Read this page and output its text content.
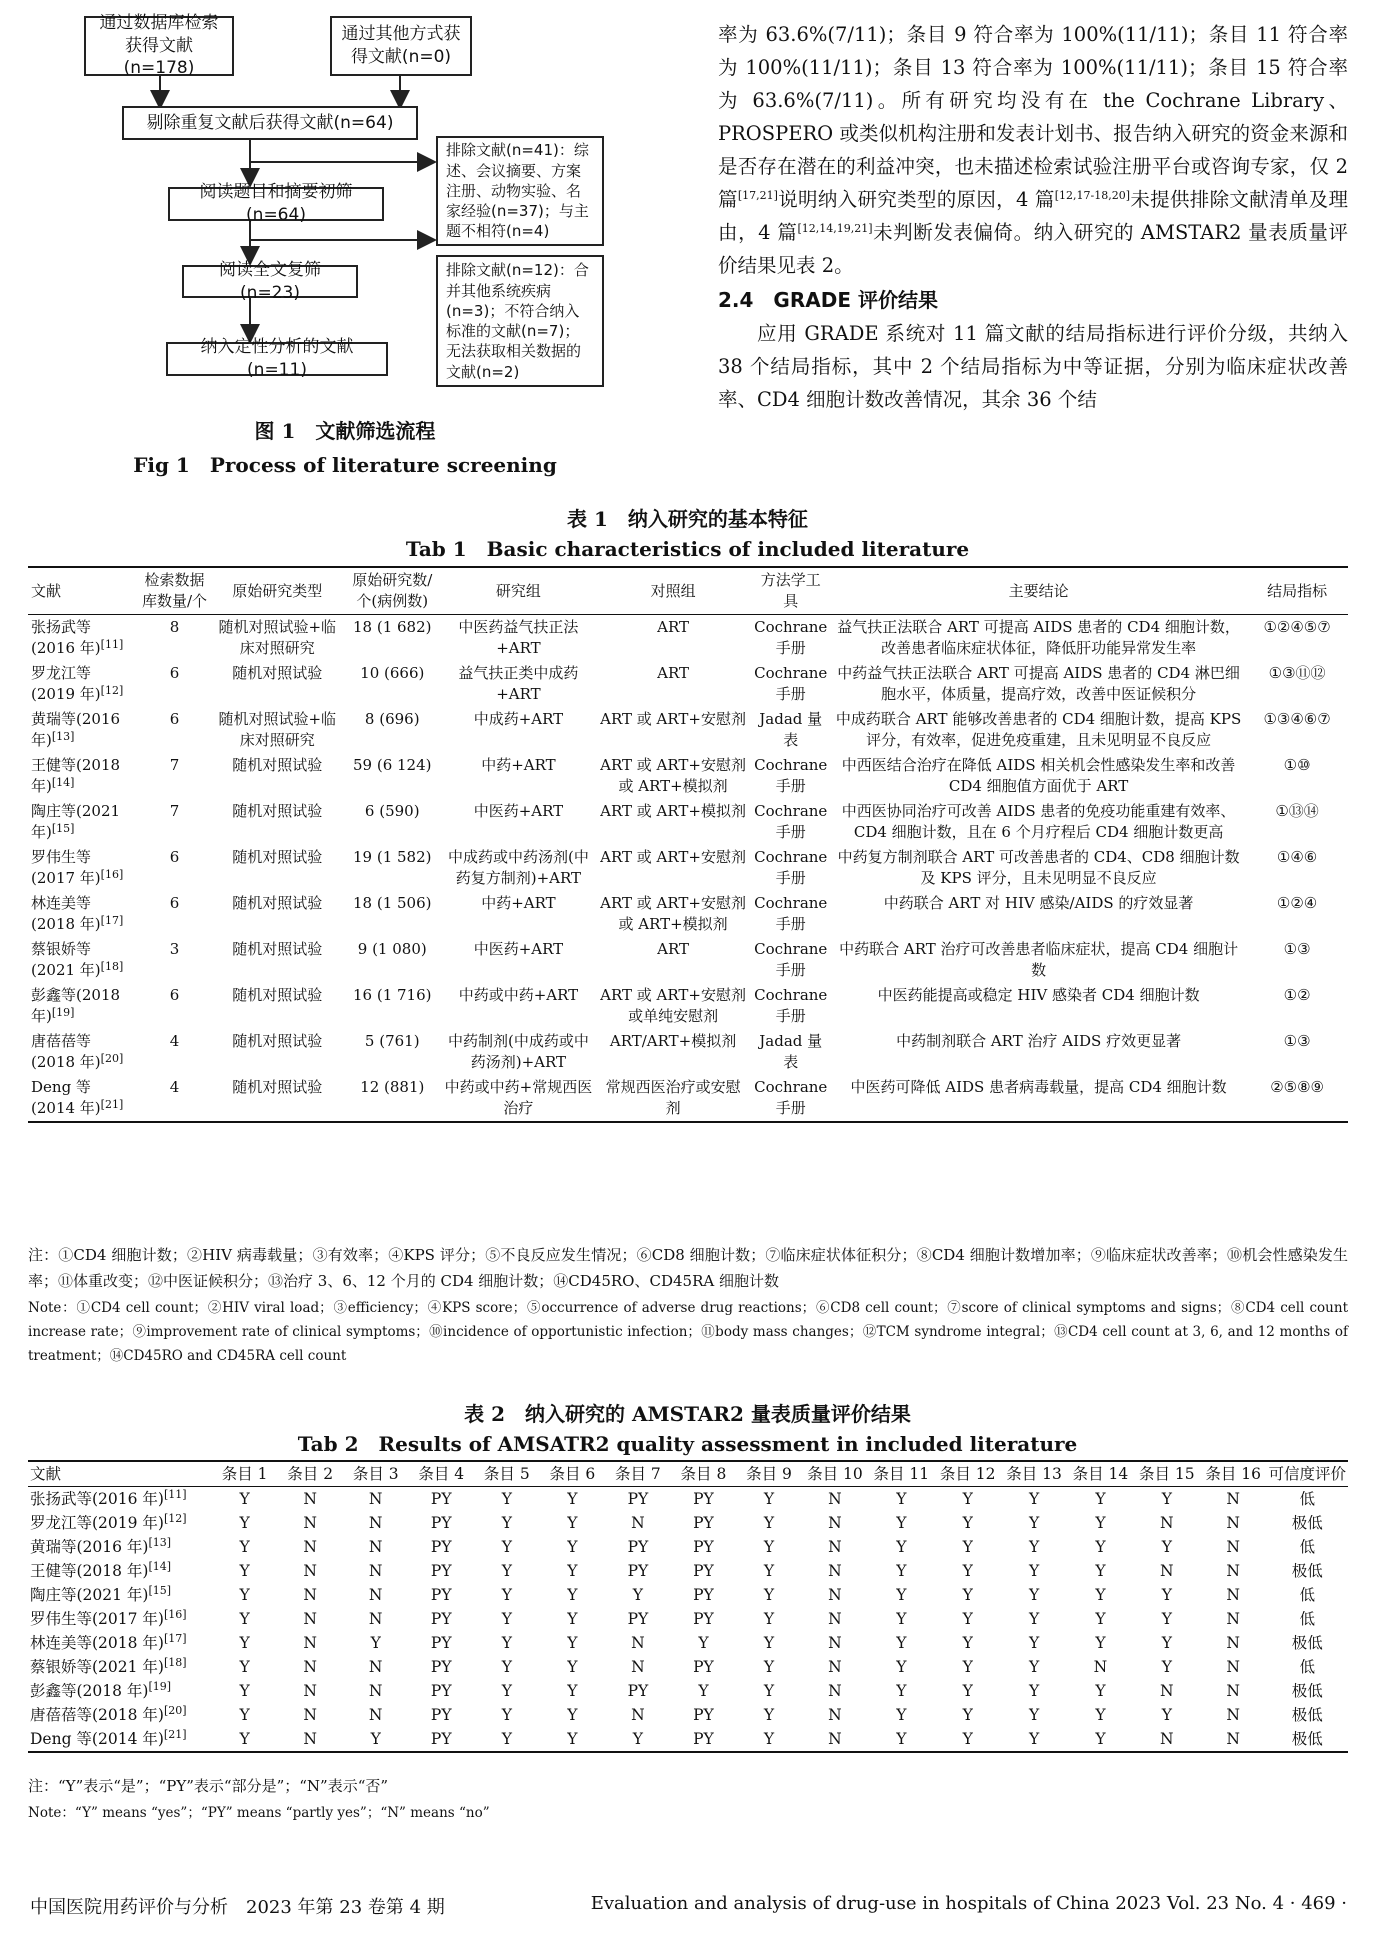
通过数据库检索获得文献(n=178)
通过其他方式获得文献(n=0)
剔除重复文献后获得文献(n=64)
阅读题目和摘要初筛(n=64)
阅读全文复筛(n=23)
纳入定性分析的文献(n=11)
排除文献(n=41)：综述、会议摘要、方案注册、动物实验、名家经验(n=37)；与主题不相符(n=4)
排除文献(n=12)：合并其他系统疾病(n=3)；不符合纳入标准的文献(n=7)；无法获取相关数据的文献(n=2)
图 1　文献筛选流程
Fig 1　Process of literature screening

率为 63.6%(7/11)；条目 9 符合率为 100%(11/11)；条目 11 符合率为 100%(11/11)；条目 13 符合率为 100%(11/11)；条目 15 符合率为 63.6%(7/11)。所有研究均没有在 the Cochrane Library、PROSPERO 或类似机构注册和发表计划书、报告纳入研究的资金来源和是否存在潜在的利益冲突，也未描述检索试验注册平台或咨询专家，仅 2 篇[17,21]说明纳入研究类型的原因，4 篇[12,17-18,20]未提供排除文献清单及理由，4 篇[12,14,19,21]未判断发表偏倚。纳入研究的 AMSTAR2 量表质量评价结果见表 2。

2.4　GRADE 评价结果

应用 GRADE 系统对 11 篇文献的结局指标进行评价分级，共纳入 38 个结局指标，其中 2 个结局指标为中等证据，分别为临床症状改善率、CD4 细胞计数改善情况，其余 36 个结

表 1　纳入研究的基本特征
Tab 1　Basic characteristics of included literature
文献	检索数据库数量/个	原始研究类型	原始研究数/个(病例数)	研究组	对照组	方法学工具	主要结论	结局指标
张扬武等(2016 年)[11]	8	随机对照试验+临床对照研究	18 (1 682)	中医药益气扶正法+ART	ART	Cochrane 手册	益气扶正法联合 ART 可提高 AIDS 患者的 CD4 细胞计数，改善患者临床症状体征，降低肝功能异常发生率	①②④⑤⑦
罗龙江等(2019 年)[12]	6	随机对照试验	10 (666)	益气扶正类中成药+ART	ART	Cochrane 手册	中药益气扶正法联合 ART 可提高 AIDS 患者的 CD4 淋巴细胞水平，体质量，提高疗效，改善中医证候积分	①③⑪⑫
黄瑞等(2016 年)[13]	6	随机对照试验+临床对照研究	8 (696)	中成药+ART	ART 或 ART+安慰剂	Jadad 量表	中成药联合 ART 能够改善患者的 CD4 细胞计数，提高 KPS 评分，有效率，促进免疫重建，且未见明显不良反应	①③④⑥⑦
王健等(2018 年)[14]	7	随机对照试验	59 (6 124)	中药+ART	ART 或 ART+安慰剂或 ART+模拟剂	Cochrane 手册	中西医结合治疗在降低 AIDS 相关机会性感染发生率和改善 CD4 细胞值方面优于 ART	①⑩
陶庄等(2021 年)[15]	7	随机对照试验	6 (590)	中医药+ART	ART 或 ART+模拟剂	Cochrane 手册	中西医协同治疗可改善 AIDS 患者的免疫功能重建有效率、CD4 细胞计数，且在 6 个月疗程后 CD4 细胞计数更高	①⑬⑭
罗伟生等(2017 年)[16]	6	随机对照试验	19 (1 582)	中成药或中药汤剂(中药复方制剂)+ART	ART 或 ART+安慰剂	Cochrane 手册	中药复方制剂联合 ART 可改善患者的 CD4、CD8 细胞计数及 KPS 评分，且未见明显不良反应	①④⑥
林连美等(2018 年)[17]	6	随机对照试验	18 (1 506)	中药+ART	ART 或 ART+安慰剂或 ART+模拟剂	Cochrane 手册	中药联合 ART 对 HIV 感染/AIDS 的疗效显著	①②④
蔡银娇等(2021 年)[18]	3	随机对照试验	9 (1 080)	中医药+ART	ART	Cochrane 手册	中药联合 ART 治疗可改善患者临床症状，提高 CD4 细胞计数	①③
彭鑫等(2018 年)[19]	6	随机对照试验	16 (1 716)	中药或中药+ART	ART 或 ART+安慰剂或单纯安慰剂	Cochrane 手册	中医药能提高或稳定 HIV 感染者 CD4 细胞计数	①②
唐蓓蓓等(2018 年)[20]	4	随机对照试验	5 (761)	中药制剂(中成药或中药汤剂)+ART	ART/ART+模拟剂	Jadad 量表	中药制剂联合 ART 治疗 AIDS 疗效更显著	①③
Deng 等(2014 年)[21]	4	随机对照试验	12 (881)	中药或中药+常规西医治疗	常规西医治疗或安慰剂	Cochrane 手册	中医药可降低 AIDS 患者病毒载量，提高 CD4 细胞计数	②⑤⑧⑨
注：①CD4 细胞计数；②HIV 病毒载量；③有效率；④KPS 评分；⑤不良反应发生情况；⑥CD8 细胞计数；⑦临床症状体征积分；⑧CD4 细胞计数增加率；⑨临床症状改善率；⑩机会性感染发生率；⑪体重改变；⑫中医证候积分；⑬治疗 3、6、12 个月的 CD4 细胞计数；⑭CD45RO、CD45RA 细胞计数
Note：①CD4 cell count；②HIV viral load；③efficiency；④KPS score；⑤occurrence of adverse drug reactions；⑥CD8 cell count；⑦score of clinical symptoms and signs；⑧CD4 cell count increase rate；⑨improvement rate of clinical symptoms；⑩incidence of opportunistic infection；⑪body mass changes；⑫TCM syndrome integral；⑬CD4 cell count at 3, 6, and 12 months of treatment；⑭CD45RO and CD45RA cell count
表 2　纳入研究的 AMSTAR2 量表质量评价结果
Tab 2　Results of AMSATR2 quality assessment in included literature
文献	条目 1	条目 2	条目 3	条目 4	条目 5	条目 6	条目 7	条目 8	条目 9	条目 10	条目 11	条目 12	条目 13	条目 14	条目 15	条目 16	可信度评价
张扬武等(2016 年)[11]	Y	N	N	PY	Y	Y	PY	PY	Y	N	Y	Y	Y	Y	Y	N	低
罗龙江等(2019 年)[12]	Y	N	N	PY	Y	Y	N	PY	Y	N	Y	Y	Y	Y	N	N	极低
黄瑞等(2016 年)[13]	Y	N	N	PY	Y	Y	PY	PY	Y	N	Y	Y	Y	Y	Y	N	低
王健等(2018 年)[14]	Y	N	N	PY	Y	Y	PY	PY	Y	N	Y	Y	Y	Y	N	N	极低
陶庄等(2021 年)[15]	Y	N	N	PY	Y	Y	Y	PY	Y	N	Y	Y	Y	Y	Y	N	低
罗伟生等(2017 年)[16]	Y	N	N	PY	Y	Y	PY	PY	Y	N	Y	Y	Y	Y	Y	N	低
林连美等(2018 年)[17]	Y	N	Y	PY	Y	Y	N	Y	Y	N	Y	Y	Y	Y	Y	N	极低
蔡银娇等(2021 年)[18]	Y	N	N	PY	Y	Y	N	PY	Y	N	Y	Y	Y	N	Y	N	低
彭鑫等(2018 年)[19]	Y	N	N	PY	Y	Y	PY	Y	Y	N	Y	Y	Y	Y	N	N	极低
唐蓓蓓等(2018 年)[20]	Y	N	N	PY	Y	Y	N	PY	Y	N	Y	Y	Y	Y	Y	N	极低
Deng 等(2014 年)[21]	Y	N	Y	PY	Y	Y	Y	PY	Y	N	Y	Y	Y	Y	N	N	极低
注：“Y”表示“是”；“PY”表示“部分是”；“N”表示“否”
Note：“Y” means “yes”；“PY” means “partly yes”；“N” means “no”
中国医院用药评价与分析　2023 年第 23 卷第 4 期	Evaluation and analysis of drug-use in hospitals of China 2023 Vol. 23 No. 4 · 469 ·
